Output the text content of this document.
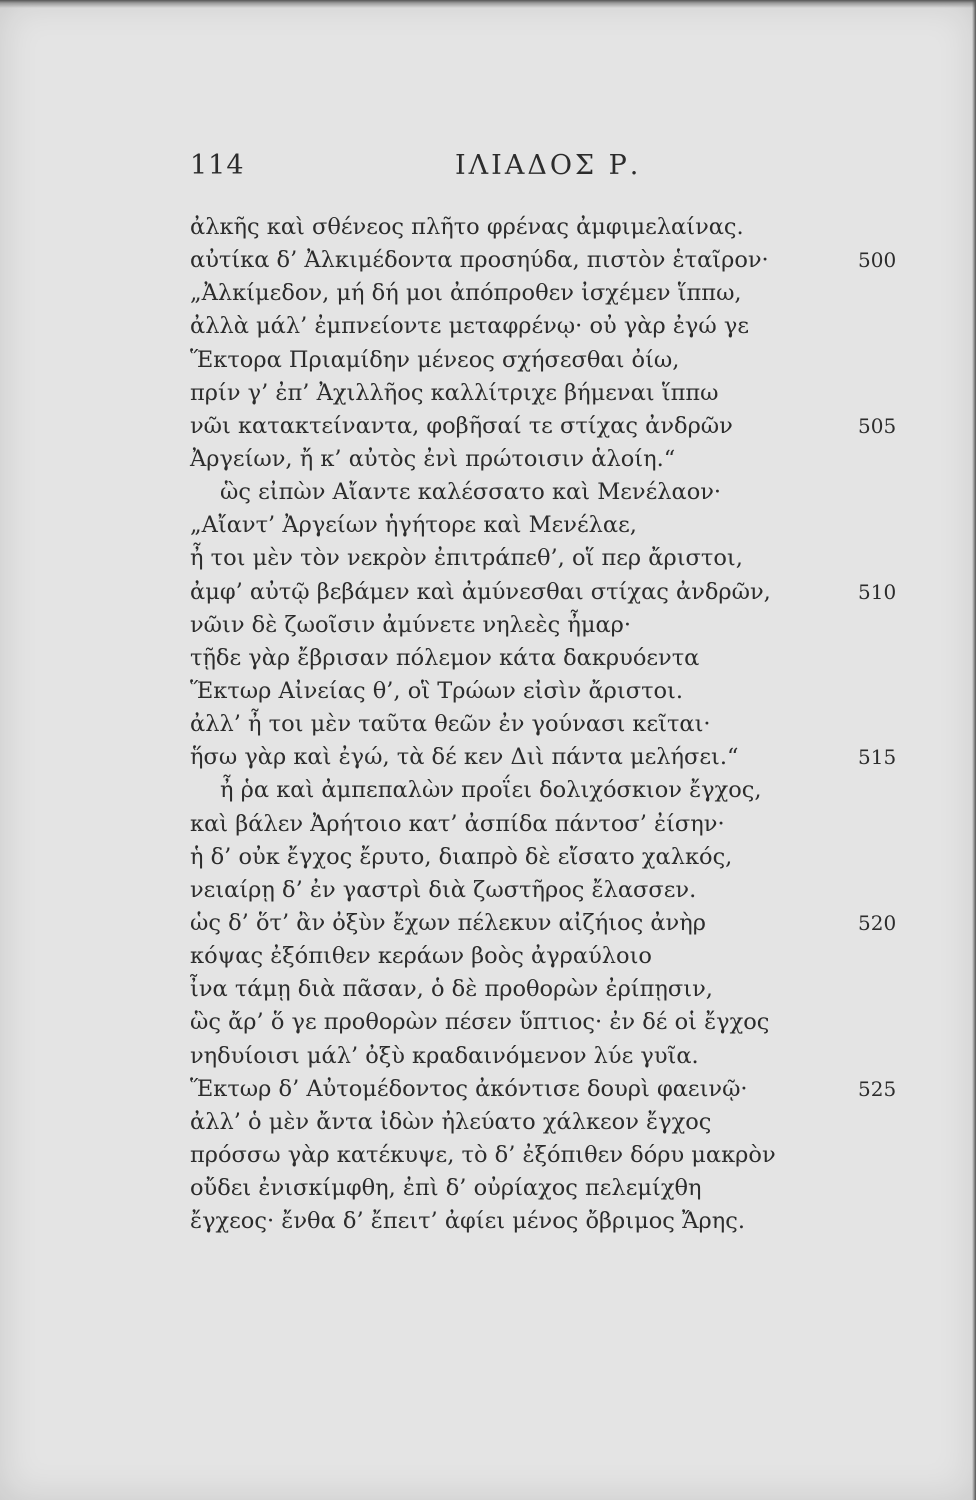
114	ΙΛΙΑΔΟΣ Ρ.
ἀλκῆς καὶ σθένεος πλῆτο φρένας ἀμφιμελαίνας.
αὐτίκα δ’ Ἀλκιμέδοντα προσηύδα, πιστὸν ἑταῖρον·	500
„Ἀλκίμεδον, μή δή μοι ἀπόπροθεν ἰσχέμεν ἵππω,
ἀλλὰ μάλ’ ἐμπνείοντε μεταφρένῳ· οὐ γὰρ ἐγώ γε
Ἕκτορα Πριαμίδην μένεος σχήσεσθαι ὀίω,
πρίν γ’ ἐπ’ Ἀχιλλῆος καλλίτριχε βήμεναι ἵππω
νῶι κατακτείναντα, φοβῆσαί τε στίχας ἀνδρῶν	505
Ἀργείων, ἤ κ’ αὐτὸς ἐνὶ πρώτοισιν ἁλοίη.“
ὣς εἰπὼν Αἴαντε καλέσσατο καὶ Μενέλαον·
„Αἴαντ’ Ἀργείων ἡγήτορε καὶ Μενέλαε,
ἦ τοι μὲν τὸν νεκρὸν ἐπιτράπεθ’, οἵ περ ἄριστοι,
ἀμφ’ αὐτῷ βεβάμεν καὶ ἀμύνεσθαι στίχας ἀνδρῶν,	510
νῶιν δὲ ζωοῖσιν ἀμύνετε νηλεὲς ἦμαρ·
τῇδε γὰρ ἔβρισαν πόλεμον κάτα δακρυόεντα
Ἕκτωρ Αἰνείας θ’, οἳ Τρώων εἰσὶν ἄριστοι.
ἀλλ’ ἦ τοι μὲν ταῦτα θεῶν ἐν γούνασι κεῖται·
ἥσω γὰρ καὶ ἐγώ, τὰ δέ κεν Διὶ πάντα μελήσει.“	515
ἦ ῥα καὶ ἀμπεπαλὼν προΐει δολιχόσκιον ἔγχος,
καὶ βάλεν Ἀρήτοιο κατ’ ἀσπίδα πάντοσ’ ἐίσην·
ἡ δ’ οὐκ ἔγχος ἔρυτο, διαπρὸ δὲ εἴσατο χαλκός,
νειαίρῃ δ’ ἐν γαστρὶ διὰ ζωστῆρος ἔλασσεν.
ὡς δ’ ὅτ’ ἂν ὀξὺν ἔχων πέλεκυν αἰζήιος ἀνὴρ	520
κόψας ἐξόπιθεν κεράων βοὸς ἀγραύλοιο
ἶνα τάμῃ διὰ πᾶσαν, ὁ δὲ προθορὼν ἐρίπῃσιν,
ὣς ἄρ’ ὅ γε προθορὼν πέσεν ὕπτιος· ἐν δέ οἱ ἔγχος
νηδυίοισι μάλ’ ὀξὺ κραδαινόμενον λύε γυῖα.
Ἕκτωρ δ’ Αὐτομέδοντος ἀκόντισε δουρὶ φαεινῷ·	525
ἀλλ’ ὁ μὲν ἄντα ἰδὼν ἠλεύατο χάλκεον ἔγχος
πρόσσω γὰρ κατέκυψε, τὸ δ’ ἐξόπιθεν δόρυ μακρὸν
οὔδει ἐνισκίμφθη, ἐπὶ δ’ οὐρίαχος πελεμίχθη
ἔγχεος· ἔνθα δ’ ἔπειτ’ ἀφίει μένος ὄβριμος Ἄρης.
